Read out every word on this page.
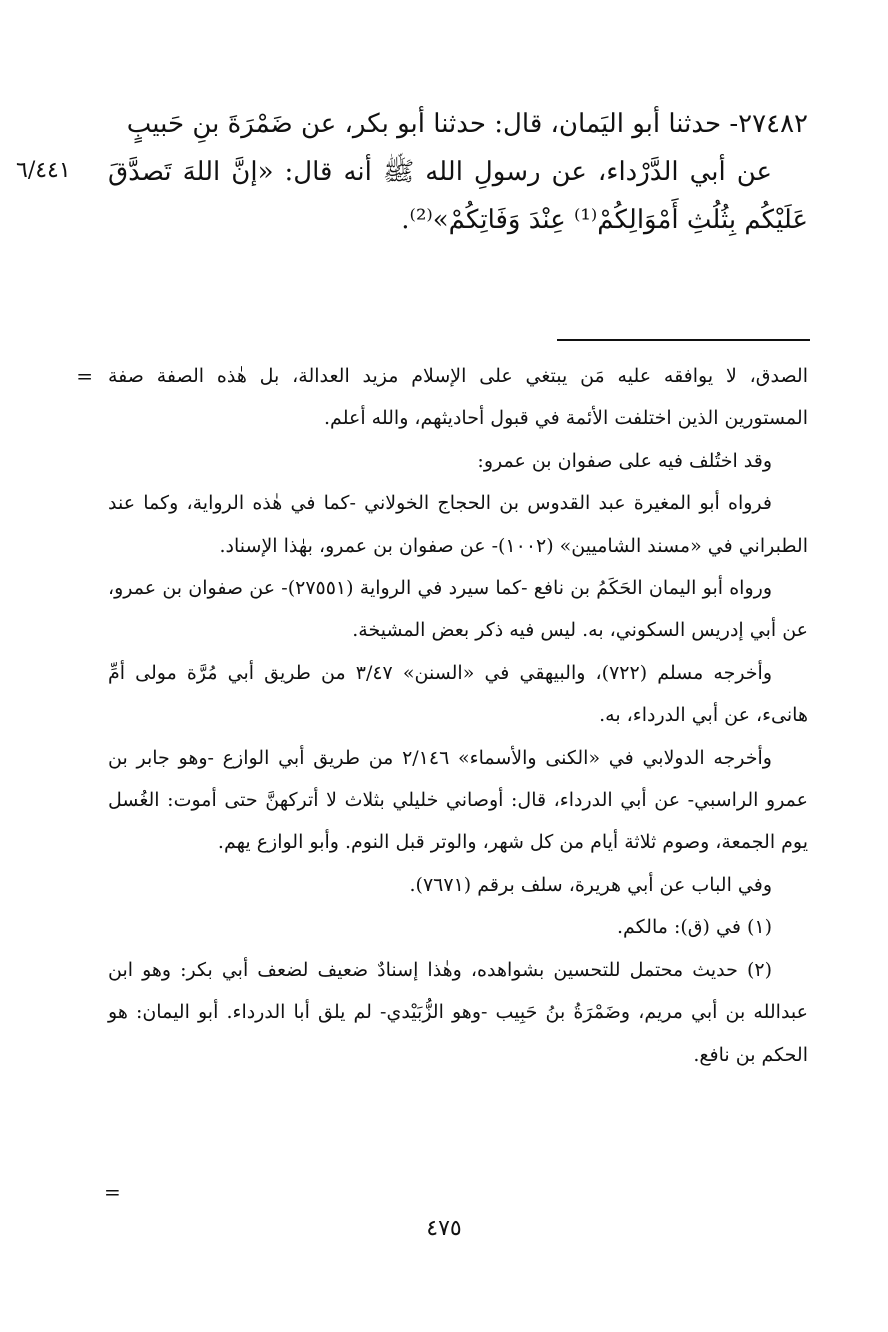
٦/٤٤١

٢٧٤٨٢- حدثنا أبو اليَمان، قال: حدثنا أبو بكر، عن ضَمْرَةَ بنِ حَبيبٍ

عن أبي الدَّرْداء، عن رسولِ الله ﷺ أنه قال: «إنَّ اللهَ تَصدَّقَ عَلَيْكُم بِثُلُثِ أَمْوَالِكُمْ⁽¹⁾ عِنْدَ وَفَاتِكُمْ»⁽²⁾.

= الصدق، لا يوافقه عليه مَن يبتغي على الإسلام مزيد العدالة، بل هٰذه الصفة صفة المستورين الذين اختلفت الأئمة في قبول أحاديثهم، والله أعلم.

وقد اختُلف فيه على صفوان بن عمرو:

فرواه أبو المغيرة عبد القدوس بن الحجاج الخولاني -كما في هٰذه الرواية، وكما عند الطبراني في «مسند الشاميين» (١٠٠٢)- عن صفوان بن عمرو، بهٰذا الإسناد.

ورواه أبو اليمان الحَكَمُ بن نافع -كما سيرد في الرواية (٢٧٥٥١)- عن صفوان بن عمرو، عن أبي إدريس السكوني، به. ليس فيه ذكر بعض المشيخة.

وأخرجه مسلم (٧٢٢)، والبيهقي في «السنن» ٣/٤٧ من طريق أبي مُرَّة مولى أمِّ هانىء، عن أبي الدرداء، به.

وأخرجه الدولابي في «الكنى والأسماء» ٢/١٤٦ من طريق أبي الوازع -وهو جابر بن عمرو الراسبي- عن أبي الدرداء، قال: أوصاني خليلي بثلاث لا أتركهنَّ حتى أموت: الغُسل يوم الجمعة، وصوم ثلاثة أيام من كل شهر، والوتر قبل النوم. وأبو الوازع يهم.

وفي الباب عن أبي هريرة، سلف برقم (٧٦٧١).

(١) في (ق): مالكم.

(٢) حديث محتمل للتحسين بشواهده، وهٰذا إسنادٌ ضعيف لضعف أبي بكر: وهو ابن عبدالله بن أبي مريم، وضَمْرَةُ بنُ حَبِيب -وهو الزُّبَيْدي- لم يلق أبا الدرداء. أبو اليمان: هو الحكم بن نافع.

=
٤٧٥
